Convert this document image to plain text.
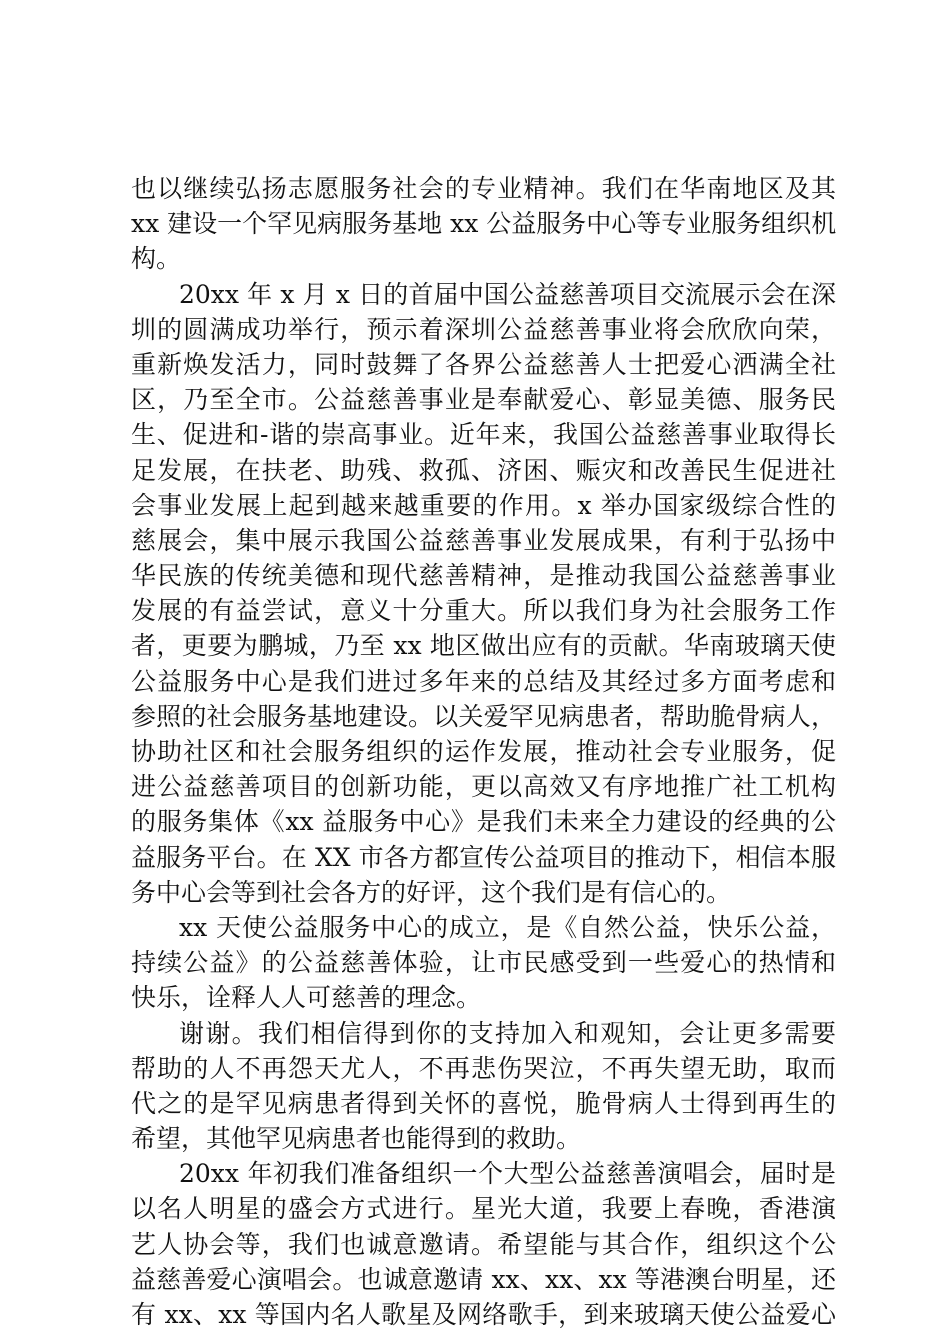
也以继续弘扬志愿服务社会的专业精神。我们在华南地区及其
xx 建设一个罕见病服务基地 xx 公益服务中心等专业服务组织机
构。
20xx 年 x 月 x 日的首届中国公益慈善项目交流展示会在深
圳的圆满成功举行，预示着深圳公益慈善事业将会欣欣向荣，
重新焕发活力，同时鼓舞了各界公益慈善人士把爱心洒满全社
区，乃至全市。公益慈善事业是奉献爱心、彰显美德、服务民
生、促进和-谐的崇高事业。近年来，我国公益慈善事业取得长
足发展，在扶老、助残、救孤、济困、赈灾和改善民生促进社
会事业发展上起到越来越重要的作用。x 举办国家级综合性的
慈展会，集中展示我国公益慈善事业发展成果，有利于弘扬中
华民族的传统美德和现代慈善精神，是推动我国公益慈善事业
发展的有益尝试，意义十分重大。所以我们身为社会服务工作
者，更要为鹏城，乃至 xx 地区做出应有的贡献。华南玻璃天使
公益服务中心是我们进过多年来的总结及其经过多方面考虑和
参照的社会服务基地建设。以关爱罕见病患者，帮助脆骨病人，
协助社区和社会服务组织的运作发展，推动社会专业服务，促
进公益慈善项目的创新功能，更以高效又有序地推广社工机构
的服务集体《xx 益服务中心》是我们未来全力建设的经典的公
益服务平台。在 XX 市各方都宣传公益项目的推动下，相信本服
务中心会等到社会各方的好评，这个我们是有信心的。
xx 天使公益服务中心的成立，是《自然公益，快乐公益，
持续公益》的公益慈善体验，让市民感受到一些爱心的热情和
快乐，诠释人人可慈善的理念。
谢谢。我们相信得到你的支持加入和观知，会让更多需要
帮助的人不再怨天尤人，不再悲伤哭泣，不再失望无助，取而
代之的是罕见病患者得到关怀的喜悦，脆骨病人士得到再生的
希望，其他罕见病患者也能得到的救助。
20xx 年初我们准备组织一个大型公益慈善演唱会，届时是
以名人明星的盛会方式进行。星光大道，我要上春晚，香港演
艺人协会等，我们也诚意邀请。希望能与其合作，组织这个公
益慈善爱心演唱会。也诚意邀请 xx、xx、xx 等港澳台明星，还
有 xx、xx 等国内名人歌星及网络歌手，到来玻璃天使公益爱心
